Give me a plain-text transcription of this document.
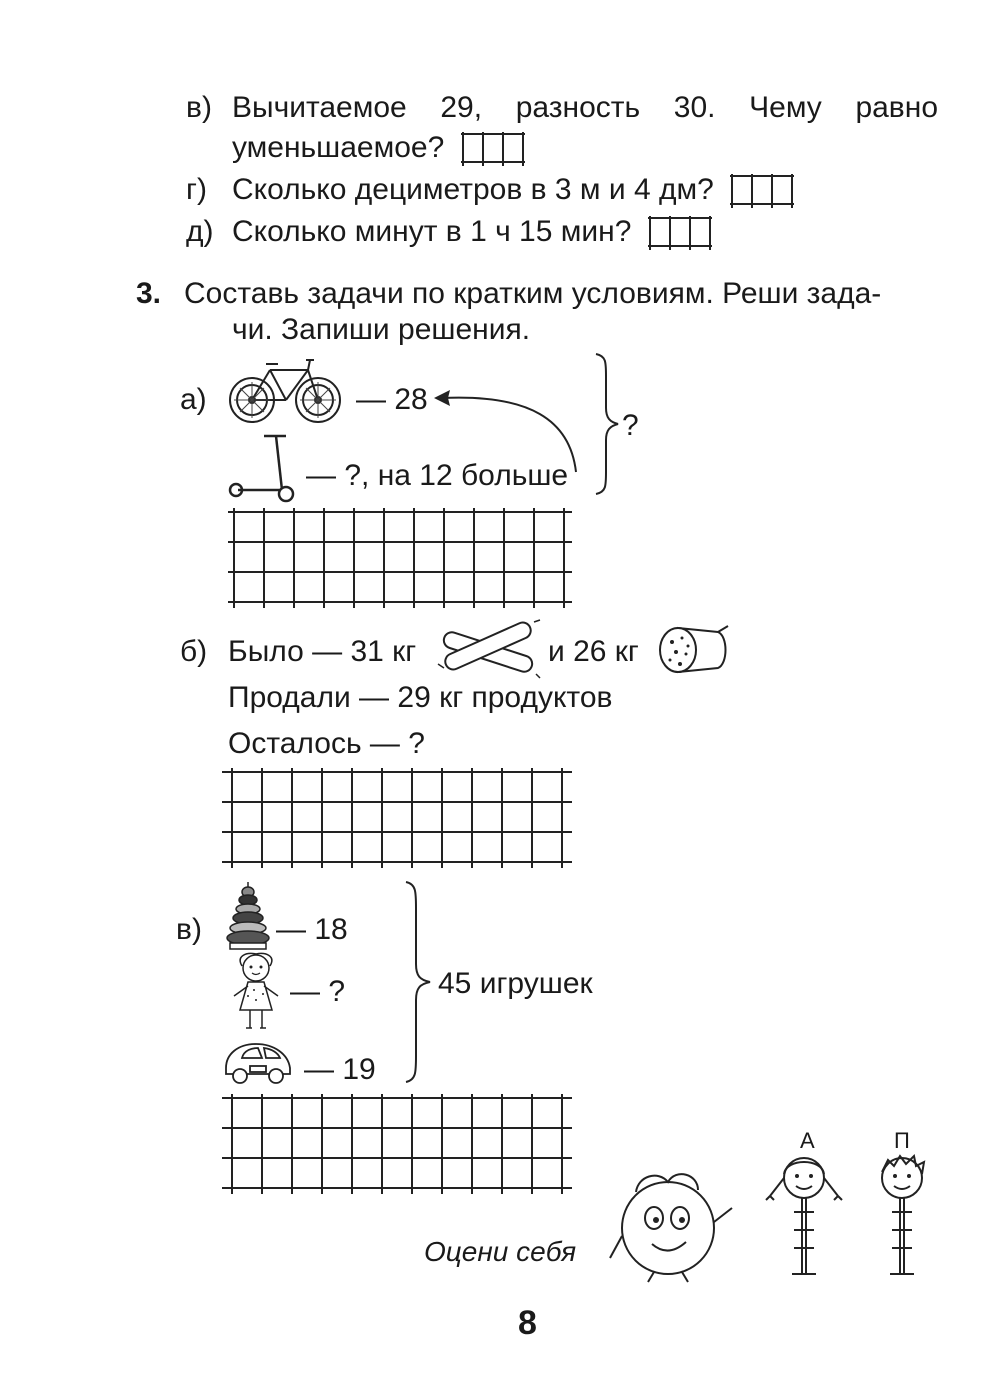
в) Вычитаемое 29, разность 30. Чему равно
уменьшаемое?
г) Сколько дециметров в 3 м и 4 дм?
д) Сколько минут в 1 ч 15 мин?
3. Составь задачи по кратким условиям. Реши зада-
чи. Запиши решения.
а)	— 28
— ?, на 12 больше
?
б) Было — 31 кг	и 26 кг
Продали — 29 кг продуктов
Осталось — ?
в) — 18
— ?
— 19
45 игрушек
Оцени себя
А	П
8
